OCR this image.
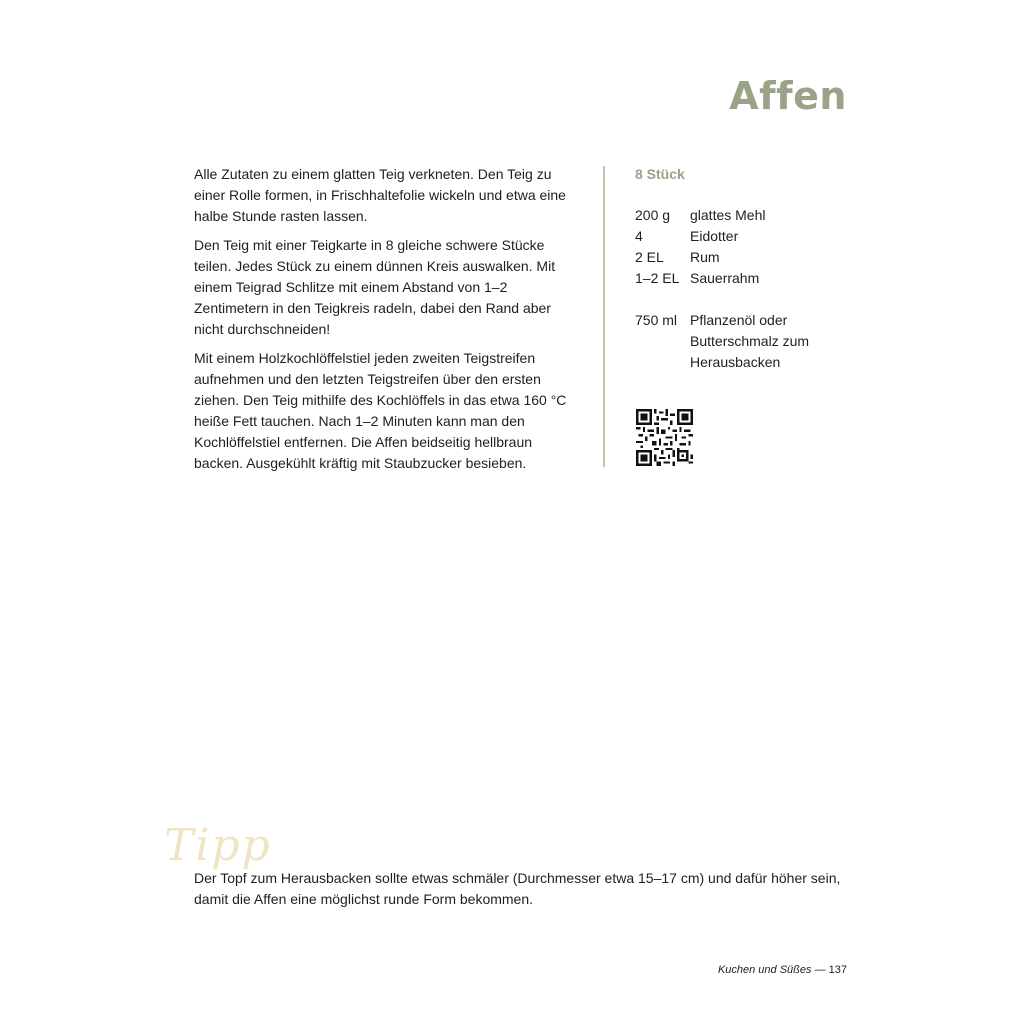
Affen

Alle Zutaten zu einem glatten Teig verkneten. Den Teig zu einer Rolle formen, in Frischhaltefolie wickeln und etwa eine halbe Stunde rasten lassen.

Den Teig mit einer Teigkarte in 8 gleiche schwere Stücke teilen. Jedes Stück zu einem dünnen Kreis auswalken. Mit einem Teigrad Schlitze mit einem Abstand von 1–2 Zentimetern in den Teigkreis radeln, dabei den Rand aber nicht durchschneiden!

Mit einem Holzkochlöffelstiel jeden zweiten Teigstreifen aufnehmen und den letzten Teigstreifen über den ersten ziehen. Den Teig mithilfe des Kochlöffels in das etwa 160 °C heiße Fett tauchen. Nach 1–2 Minuten kann man den Kochlöffelstiel entfernen. Die Affen beidseitig hellbraun backen. Ausgekühlt kräftig mit Staubzucker besieben.

8 Stück
200 g	glattes Mehl
4	Eidotter
2 EL	Rum
1–2 EL Sauerrahm
750 ml Pflanzenöl oder Butterschmalz zum Herausbacken
Tipp
Der Topf zum Herausbacken sollte etwas schmäler (Durchmesser etwa 15–17 cm) und dafür höher sein, damit die Affen eine möglichst runde Form bekommen.
Kuchen und Süßes — 137
